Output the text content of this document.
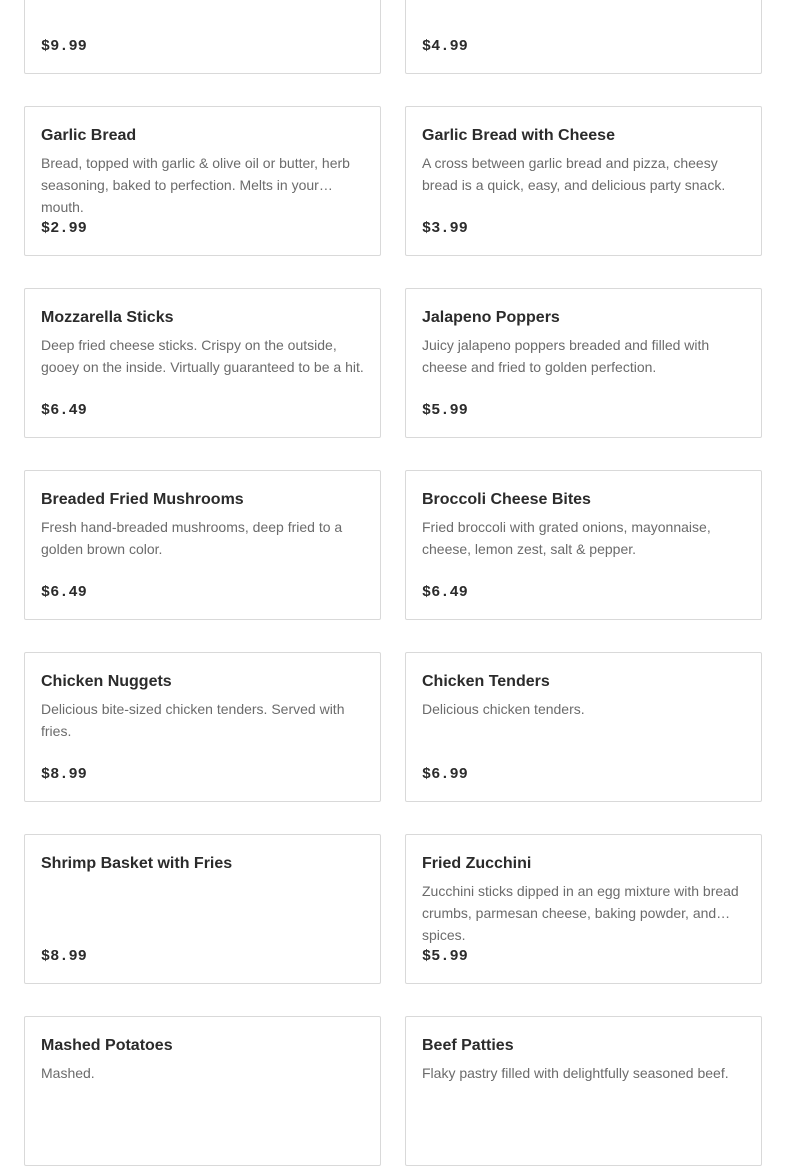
$9.99	$4.99
Garlic Bread
Bread, topped with garlic & olive oil or butter, herb seasoning, baked to perfection. Melts in your mouth.
$2.99
Garlic Bread with Cheese
A cross between garlic bread and pizza, cheesy bread is a quick, easy, and delicious party snack.
$3.99
Mozzarella Sticks
Deep fried cheese sticks. Crispy on the outside, gooey on the inside. Virtually guaranteed to be a hit.
$6.49
Jalapeno Poppers
Juicy jalapeno poppers breaded and filled with cheese and fried to golden perfection.
$5.99
Breaded Fried Mushrooms
Fresh hand-breaded mushrooms, deep fried to a golden brown color.
$6.49
Broccoli Cheese Bites
Fried broccoli with grated onions, mayonnaise, cheese, lemon zest, salt & pepper.
$6.49
Chicken Nuggets
Delicious bite-sized chicken tenders. Served with fries.
$8.99
Chicken Tenders
Delicious chicken tenders.
$6.99
Shrimp Basket with Fries
$8.99
Fried Zucchini
Zucchini sticks dipped in an egg mixture with bread crumbs, parmesan cheese, baking powder, and spices.
$5.99
Mashed Potatoes
Mashed.
Beef Patties
Flaky pastry filled with delightfully seasoned beef.
